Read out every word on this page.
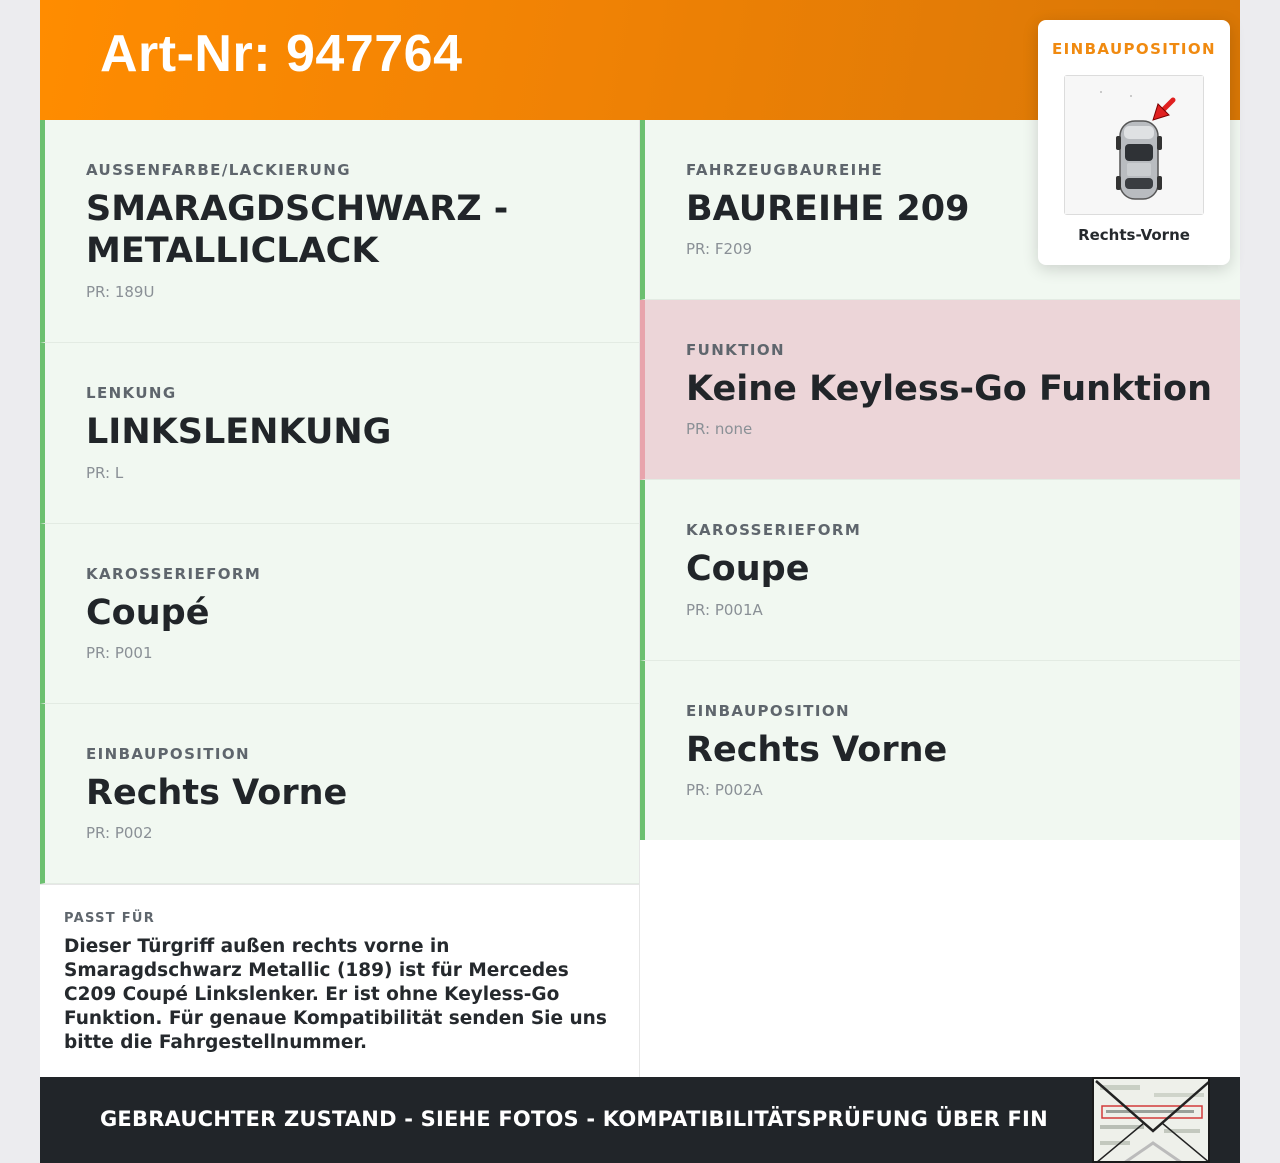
Art-Nr: 947764
AUSSENFARBE/LACKIERUNG
SMARAGDSCHWARZ - METALLICLACK
PR: 189U
LENKUNG
LINKSLENKUNG
PR: L
KAROSSERIEFORM
Coupé
PR: P001
EINBAUPOSITION
Rechts Vorne
PR: P002
FAHRZEUGBAUREIHE
BAUREIHE 209
PR: F209
FUNKTION
Keine Keyless-Go Funktion
PR: none
KAROSSERIEFORM
Coupe
PR: P001A
EINBAUPOSITION
Rechts Vorne
PR: P002A
PASST FÜR
Dieser Türgriff außen rechts vorne in Smaragdschwarz Metallic (189) ist für Mercedes C209 Coupé Linkslenker. Er ist ohne Keyless-Go Funktion. Für genaue Kompatibilität senden Sie uns bitte die Fahrgestellnummer.
GEBRAUCHTER ZUSTAND - SIEHE FOTOS - KOMPATIBILITÄTSPRÜFUNG ÜBER FIN
EINBAUPOSITION
Rechts-Vorne
